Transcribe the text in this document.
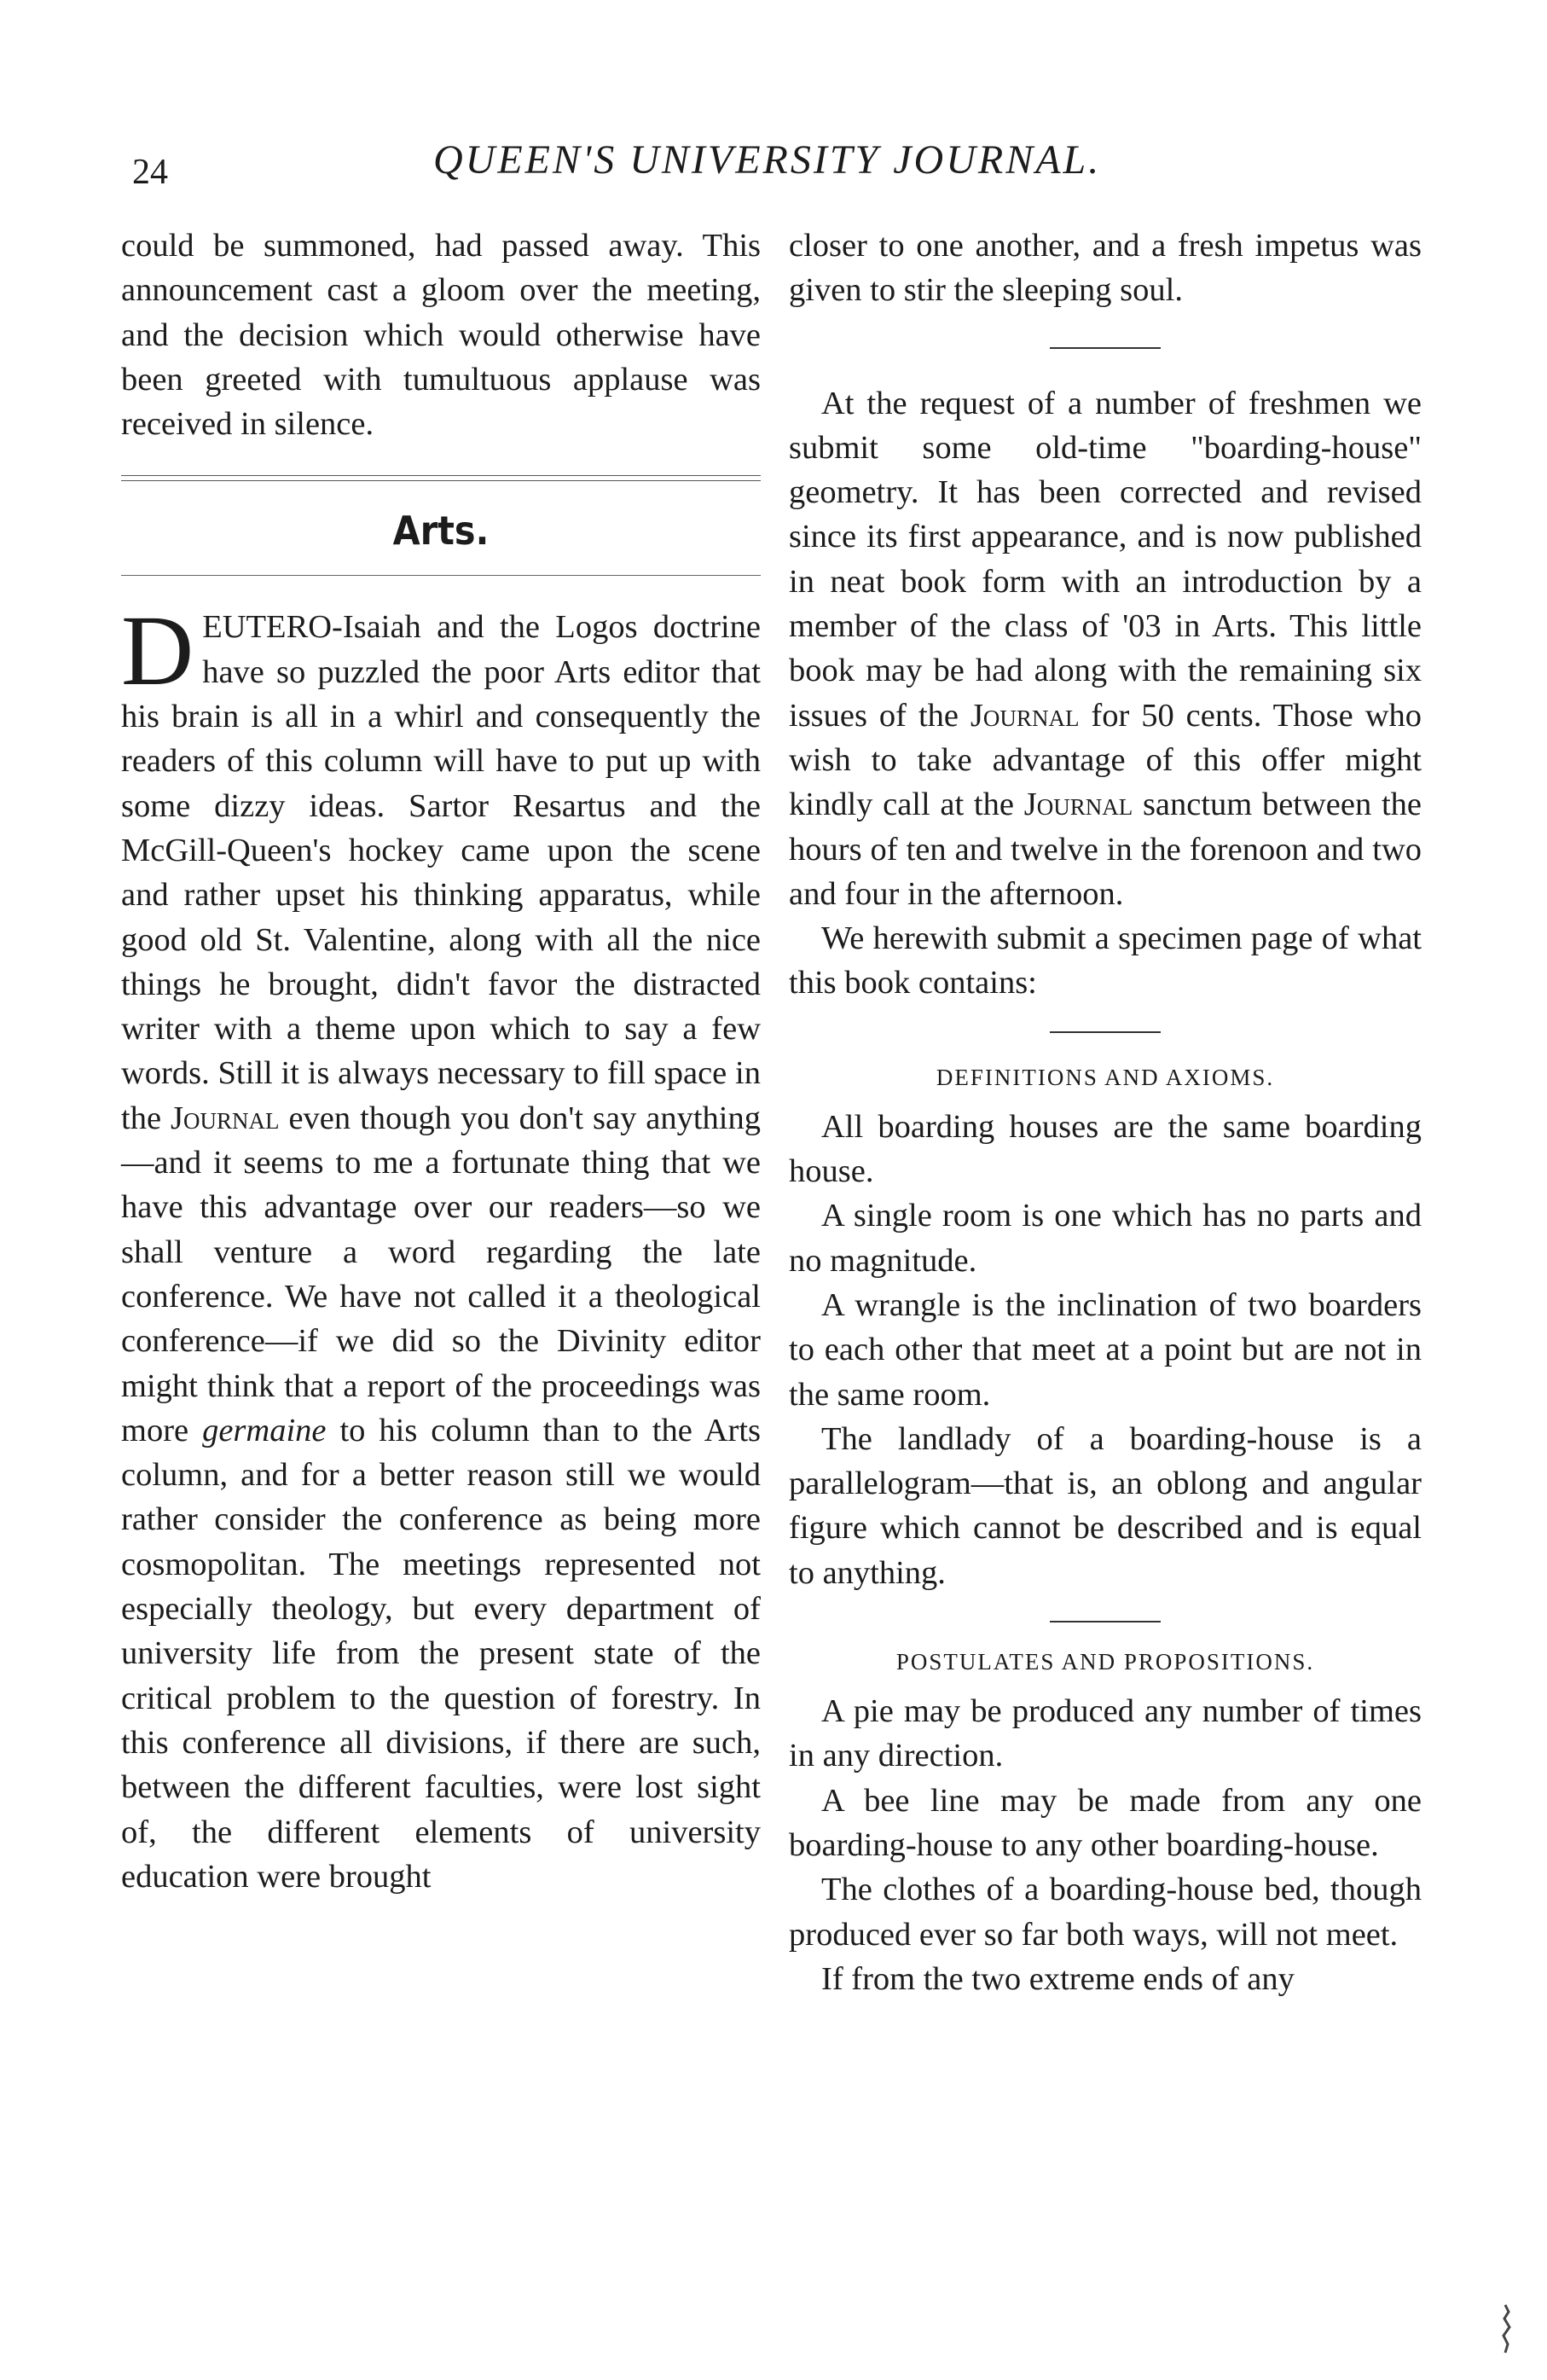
24	QUEEN'S UNIVERSITY JOURNAL.

could be summoned, had passed away. This announcement cast a gloom over the meeting, and the decision which would otherwise have been greeted with tumultuous applause was received in silence.

Arts.

DEUTERO-Isaiah and the Logos doctrine have so puzzled the poor Arts editor that his brain is all in a whirl and consequently the readers of this column will have to put up with some dizzy ideas. Sartor Resartus and the McGill-Queen's hockey came upon the scene and rather upset his thinking apparatus, while good old St. Valentine, along with all the nice things he brought, didn't favor the distracted writer with a theme upon which to say a few words. Still it is always necessary to fill space in the Journal even though you don't say anything—and it seems to me a fortunate thing that we have this advantage over our readers—so we shall venture a word regarding the late conference. We have not called it a theological conference—if we did so the Divinity editor might think that a report of the proceedings was more germaine to his column than to the Arts column, and for a better reason still we would rather consider the conference as being more cosmopolitan. The meetings represented not especially theology, but every department of university life from the present state of the critical problem to the question of forestry. In this conference all divisions, if there are such, between the different faculties, were lost sight of, the different elements of university education were brought

closer to one another, and a fresh impetus was given to stir the sleeping soul.

At the request of a number of freshmen we submit some old-time "boarding-house" geometry. It has been corrected and revised since its first appearance, and is now published in neat book form with an introduction by a member of the class of '03 in Arts. This little book may be had along with the remaining six issues of the Journal for 50 cents. Those who wish to take advantage of this offer might kindly call at the Journal sanctum between the hours of ten and twelve in the forenoon and two and four in the afternoon.

We herewith submit a specimen page of what this book contains:

DEFINITIONS AND AXIOMS.

All boarding houses are the same boarding house.

A single room is one which has no parts and no magnitude.

A wrangle is the inclination of two boarders to each other that meet at a point but are not in the same room.

The landlady of a boarding-house is a parallelogram—that is, an oblong and angular figure which cannot be described and is equal to anything.

POSTULATES AND PROPOSITIONS.

A pie may be produced any number of times in any direction.

A bee line may be made from any one boarding-house to any other boarding-house.

The clothes of a boarding-house bed, though produced ever so far both ways, will not meet.

If from the two extreme ends of any
